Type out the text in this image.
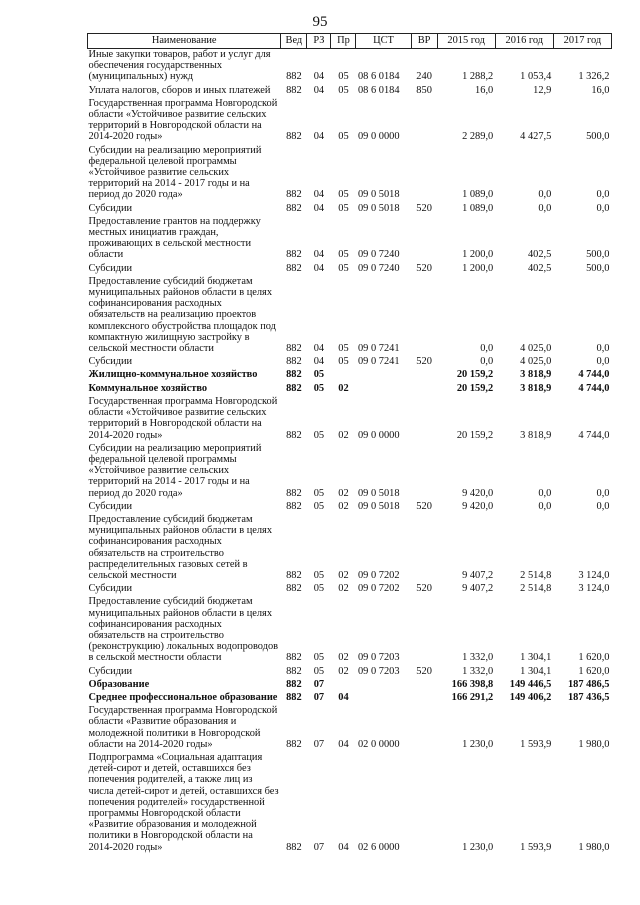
95
Наименование	Вед	РЗ	Пр	ЦСТ	ВР	2015 год	2016 год	2017 год
Иные закупки товаров, работ и услуг для обеспечения государственных (муниципальных) нужд	882	04	05	08 6 0184	240	1 288,2	1 053,4	1 326,2
Уплата налогов, сборов и иных платежей	882	04	05	08 6 0184	850	16,0	12,9	16,0
Государственная программа Новгородской области «Устойчивое развитие сельских территорий в Новгородской области на 2014-2020 годы»	882	04	05	09 0 0000		2 289,0	4 427,5	500,0
Субсидии на реализацию мероприятий федеральной целевой программы «Устойчивое развитие сельских территорий на 2014 - 2017 годы и на период до 2020 года»	882	04	05	09 0 5018		1 089,0	0,0	0,0
Субсидии	882	04	05	09 0 5018	520	1 089,0	0,0	0,0
Предоставление грантов на поддержку местных инициатив граждан, проживающих в сельской местности области	882	04	05	09 0 7240		1 200,0	402,5	500,0
Субсидии	882	04	05	09 0 7240	520	1 200,0	402,5	500,0
Предоставление субсидий бюджетам муниципальных районов области в целях софинансирования расходных обязательств на реализацию проектов комплексного обустройства площадок под компактную жилищную застройку в сельской местности области	882	04	05	09 0 7241		0,0	4 025,0	0,0
Субсидии	882	04	05	09 0 7241	520	0,0	4 025,0	0,0
Жилищно-коммунальное хозяйство	882	05				20 159,2	3 818,9	4 744,0
Коммунальное хозяйство	882	05	02			20 159,2	3 818,9	4 744,0
Государственная программа Новгородской области «Устойчивое развитие сельских территорий в Новгородской области на 2014-2020 годы»	882	05	02	09 0 0000		20 159,2	3 818,9	4 744,0
Субсидии на реализацию мероприятий федеральной целевой программы «Устойчивое развитие сельских территорий на 2014 - 2017 годы и на период до 2020 года»	882	05	02	09 0 5018		9 420,0	0,0	0,0
Субсидии	882	05	02	09 0 5018	520	9 420,0	0,0	0,0
Предоставление субсидий бюджетам муниципальных районов области в целях софинансирования расходных обязательств на строительство распределительных газовых сетей в сельской местности	882	05	02	09 0 7202		9 407,2	2 514,8	3 124,0
Субсидии	882	05	02	09 0 7202	520	9 407,2	2 514,8	3 124,0
Предоставление субсидий бюджетам муниципальных районов области в целях софинансирования расходных обязательств на строительство (реконструкцию) локальных водопроводов в сельской местности области	882	05	02	09 0 7203		1 332,0	1 304,1	1 620,0
Субсидии	882	05	02	09 0 7203	520	1 332,0	1 304,1	1 620,0
Образование	882	07				166 398,8	149 446,5	187 486,5
Среднее профессиональное образование	882	07	04			166 291,2	149 406,2	187 436,5
Государственная программа Новгородской области «Развитие образования и молодежной политики в Новгородской области на 2014-2020 годы»	882	07	04	02 0 0000		1 230,0	1 593,9	1 980,0
Подпрограмма «Социальная адаптация детей-сирот и детей, оставшихся без попечения родителей, а также лиц из числа детей-сирот и детей, оставшихся без попечения родителей» государственной программы Новгородской области «Развитие образования и молодежной политики в Новгородской области на 2014-2020 годы»	882	07	04	02 6 0000		1 230,0	1 593,9	1 980,0
